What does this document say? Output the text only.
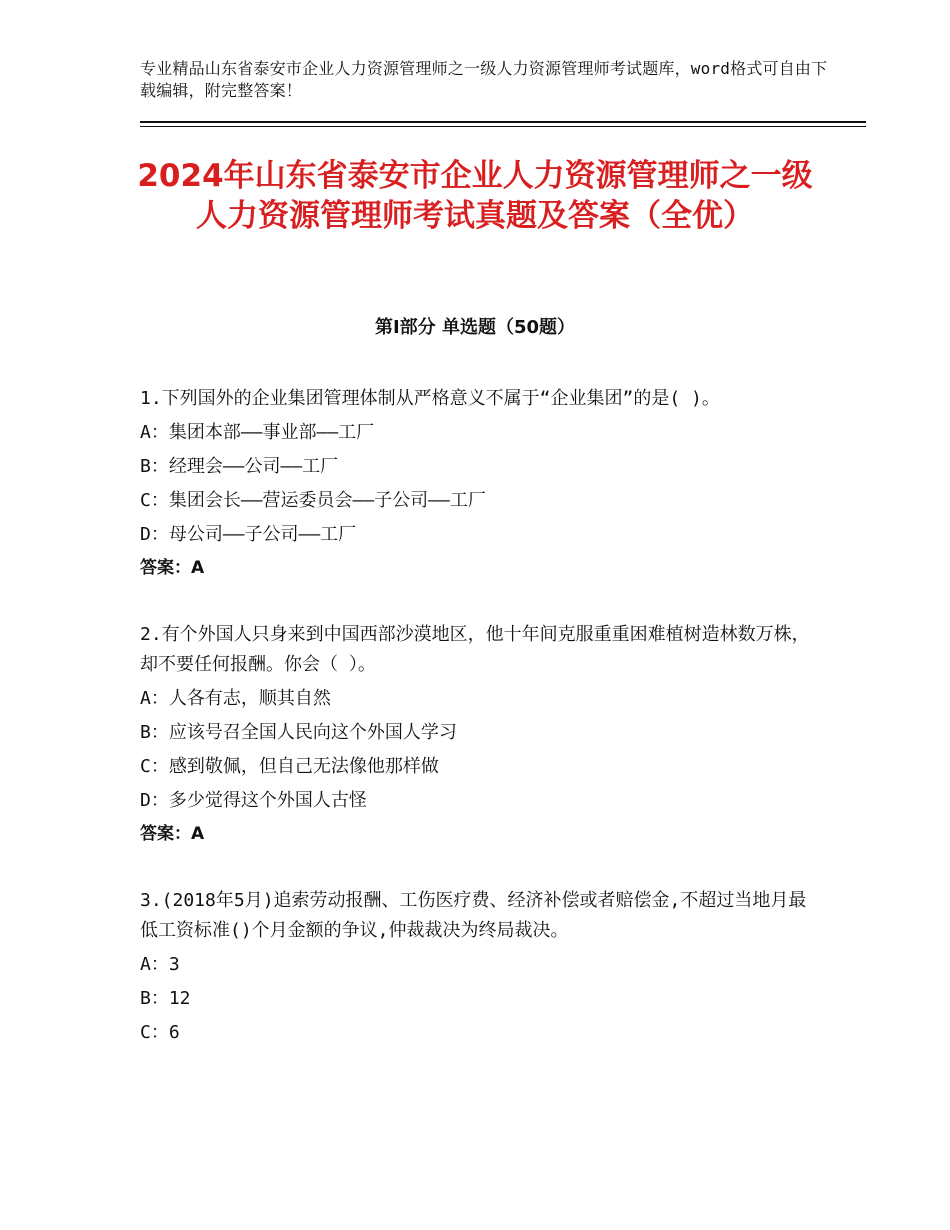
专业精品山东省泰安市企业人力资源管理师之一级人力资源管理师考试题库，word格式可自由下载编辑，附完整答案！
2024年山东省泰安市企业人力资源管理师之一级人力资源管理师考试真题及答案（全优）
第Ⅰ部分 单选题（50题）

1.下列国外的企业集团管理体制从严格意义不属于“企业集团”的是( )。

A：集团本部——事业部——工厂
B：经理会——公司——工厂
C：集团会长——营运委员会——子公司——工厂
D：母公司——子公司——工厂
答案：A

2.有个外国人只身来到中国西部沙漠地区，他十年间克服重重困难植树造林数万株，却不要任何报酬。你会（ ）。

A：人各有志，顺其自然
B：应该号召全国人民向这个外国人学习
C：感到敬佩，但自己无法像他那样做
D：多少觉得这个外国人古怪
答案：A

3.(2018年5月)追索劳动报酬、工伤医疗费、经济补偿或者赔偿金,不超过当地月最低工资标准()个月金额的争议,仲裁裁决为终局裁决。

A：3
B：12
C：6
